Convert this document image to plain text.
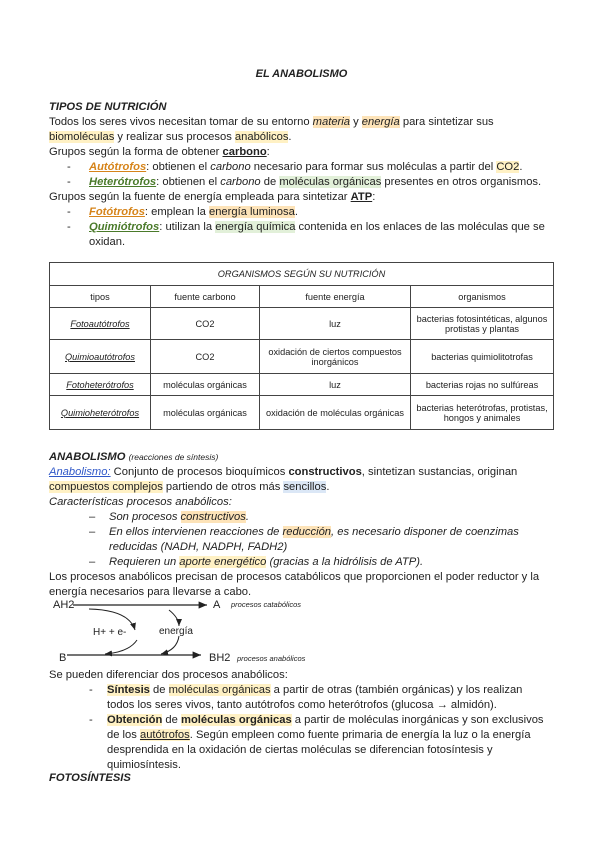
EL ANABOLISMO
TIPOS DE NUTRICIÓN
Todos los seres vivos necesitan tomar de su entorno materia y energía para sintetizar sus
biomoléculas y realizar sus procesos anabólicos.
Grupos según la forma de obtener carbono:
- Autótrofos: obtienen el carbono necesario para formar sus moléculas a partir del CO2.
- Heterótrofos: obtienen el carbono de moléculas orgánicas presentes en otros organismos.
Grupos según la fuente de energía empleada para sintetizar ATP:
- Fotótrofos: emplean la energía luminosa.
- Quimiótrofos: utilizan la energía química contenida en los enlaces de las moléculas que se
oxidan.
ORGANISMOS SEGÚN SU NUTRICIÓN			
tipos	fuente carbono	fuente energía	organismos
Fotoautótrofos	CO2	luz	bacterias fotosintéticas, algunos protistas y plantas
Quimioautótrofos	CO2	oxidación de ciertos compuestos inorgánicos	bacterias quimiolitotrofas
Fotoheterótrofos	moléculas orgánicas	luz	bacterias rojas no sulfúreas
Quimioheterótrofos	moléculas orgánicas	oxidación de moléculas orgánicas	bacterias heterótrofas, protistas, hongos y animales
ANABOLISMO (reacciones de síntesis)
Anabolismo: Conjunto de procesos bioquímicos constructivos, sintetizan sustancias, originan
compuestos complejos partiendo de otros más sencillos.
Características procesos anabólicos:
– Son procesos constructivos.
– En ellos intervienen reacciones de reducción, es necesario disponer de coenzimas
reducidas (NADH, NADPH, FADH2)
– Requieren un aporte energético (gracias a la hidrólisis de ATP).
Los procesos anabólicos precisan de procesos catabólicos que proporcionen el poder reductor y la
energía necesarios para llevarse a cabo.
AH2	A procesos catabólicos
H+ + e-	energía
B	BH2 procesos anabólicos
Se pueden diferenciar dos procesos anabólicos:
- Síntesis de moléculas orgánicas a partir de otras (también orgánicas) y los realizan
todos los seres vivos, tanto autótrofos como heterótrofos (glucosa → almidón).
- Obtención de moléculas orgánicas a partir de moléculas inorgánicas y son exclusivos
de los autótrofos. Según empleen como fuente primaria de energía la luz o la energía
desprendida en la oxidación de ciertas moléculas se diferencian fotosíntesis y
quimiosíntesis.
FOTOSÍNTESIS
